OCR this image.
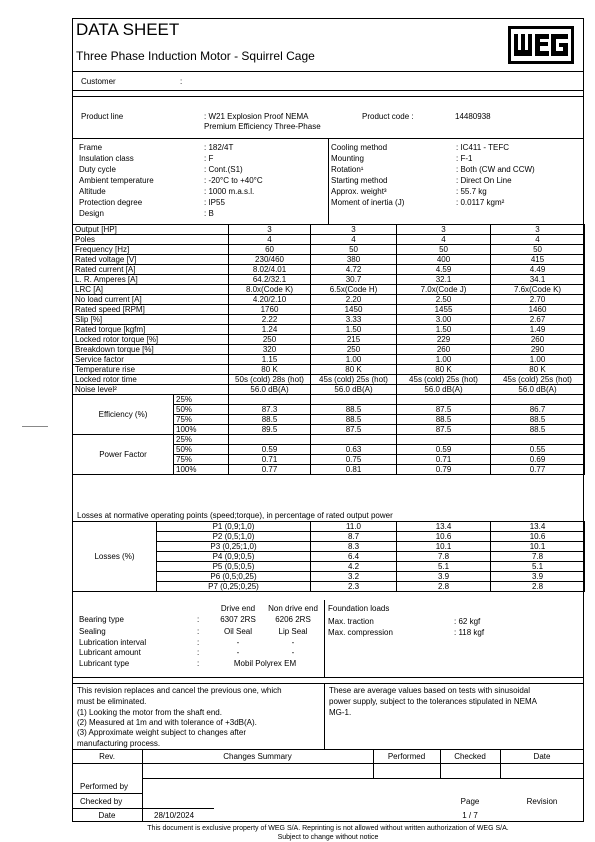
DATA SHEET
Three Phase Induction Motor - Squirrel Cage
Customer	:
Product line	: W21 Explosion Proof NEMA
Premium Efficiency Three-Phase
Product code :	14480938
Frame	: 182/4T
Insulation class	: F
Duty cycle	: Cont.(S1)
Ambient temperature	: -20°C to +40°C
Altitude	: 1000 m.a.s.l.
Protection degree	: IP55
Design	: B
Cooling method	: IC411 - TEFC
Mounting	: F-1
Rotation¹	: Both (CW and CCW)
Starting method	: Direct On Line
Approx. weight³	: 55.7 kg
Moment of inertia (J)	: 0.0117 kgm²
Output [HP]		3	3	3	3
Poles		4	4	4	4
Frequency [Hz]		60	50	50	50
Rated voltage [V]		230/460	380	400	415
Rated current [A]		8.02/4.01	4.72	4.59	4.49
L. R. Amperes [A]		64.2/32.1	30.7	32.1	34.1
LRC [A]		8.0x(Code K)	6.5x(Code H)	7.0x(Code J)	7.6x(Code K)
No load current [A]		4.20/2.10	2.20	2.50	2.70
Rated speed [RPM]		1760	1450	1455	1460
Slip [%]		2.22	3.33	3.00	2.67
Rated torque [kgfm]		1.24	1.50	1.50	1.49
Locked rotor torque [%]		250	215	229	260
Breakdown torque [%]		320	250	260	290
Service factor		1.15	1.00	1.00	1.00
Temperature rise		80 K	80 K	80 K	80 K
Locked rotor time		50s (cold) 28s (hot)	45s (cold) 25s (hot)	45s (cold) 25s (hot)	45s (cold) 25s (hot)
Noise level²		56.0 dB(A)	56.0 dB(A)	56.0 dB(A)	56.0 dB(A)
Efficiency (%)	25%				
	50%	87.3	88.5	87.5	86.7
	75%	88.5	88.5	88.5	88.5
	100%	89.5	87.5	87.5	88.5
Power Factor	25%				
	50%	0.59	0.63	0.59	0.55
	75%	0.71	0.75	0.71	0.69
	100%	0.77	0.81	0.79	0.77
Losses at normative operating points (speed;torque), in percentage of rated output power
Losses (%)	P1 (0,9;1,0)	11.0	13.4	13.4	
	P2 (0,5;1,0)	8.7	10.6	10.6	
	P3 (0,25;1,0)	8.3	10.1	10.1	
	P4 (0,9;0,5)	6.4	7.8	7.8	
	P5 (0,5;0,5)	4.2	5.1	5.1	
	P6 (0,5;0,25)	3.2	3.9	3.9	
	P7 (0,25;0,25)	2.3	2.8	2.8	
Drive end	Non drive end
Bearing type	:	6307 2RS	6206 2RS
Sealing	:	Oil Seal	Lip Seal
Lubrication interval	:	-	-
Lubricant amount	:	-	-
Lubricant type	:	Mobil Polyrex EM
Foundation loads
Max. traction	: 62 kgf
Max. compression	: 118 kgf
This revision replaces and cancel the previous one, which
must be eliminated.
(1) Looking the motor from the shaft end.
(2) Measured at 1m and with tolerance of +3dB(A).
(3) Approximate weight subject to changes after
manufacturing process.
These are average values based on tests with sinusoidal
power supply, subject to the tolerances stipulated in NEMA
MG-1.
Rev.	Changes Summary	Performed	Checked	Date
Performed by
Checked by
Date	28/10/2024
Page
1 / 7
Revision
This document is exclusive property of WEG S/A. Reprinting is not allowed without written authorization of WEG S/A.
Subject to change without notice
